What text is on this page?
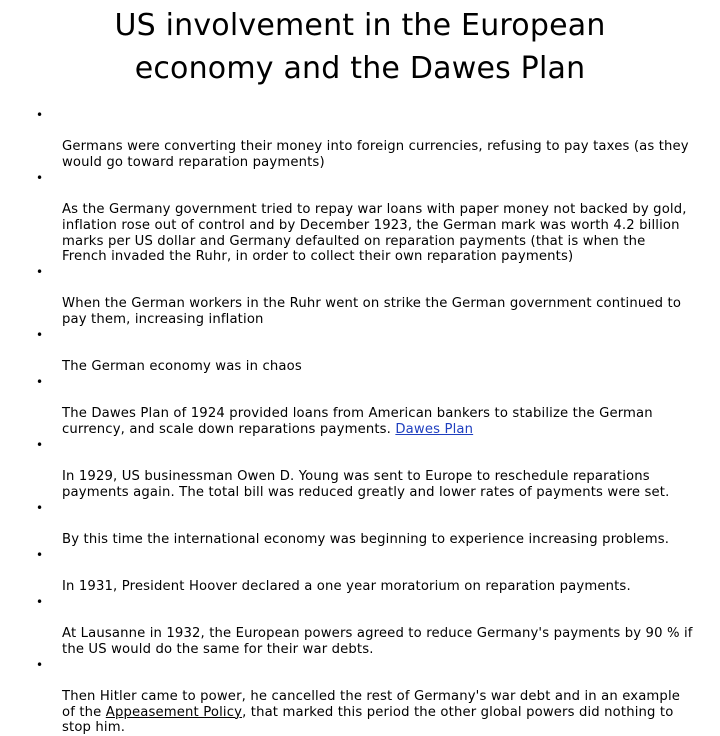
US involvement in the European
economy and the Dawes Plan

•

Germans were converting their money into foreign currencies, refusing to pay taxes (as they
would go toward reparation payments)

•

As the Germany government tried to repay war loans with paper money not backed by gold,
inflation rose out of control and by December 1923, the German mark was worth 4.2 billion
marks per US dollar and Germany defaulted on reparation payments (that is when the
French invaded the Ruhr, in order to collect their own reparation payments)

•

When the German workers in the Ruhr went on strike the German government continued to
pay them, increasing inflation

•

The German economy was in chaos

•

The Dawes Plan of 1924 provided loans from American bankers to stabilize the German
currency, and scale down reparations payments. Dawes Plan

•

In 1929, US businessman Owen D. Young was sent to Europe to reschedule reparations
payments again. The total bill was reduced greatly and lower rates of payments were set.

•

By this time the international economy was beginning to experience increasing problems.

•

In 1931, President Hoover declared a one year moratorium on reparation payments.

•

At Lausanne in 1932, the European powers agreed to reduce Germany's payments by 90 % if
the US would do the same for their war debts.

•

Then Hitler came to power, he cancelled the rest of Germany's war debt and in an example
of the Appeasement Policy, that marked this period the other global powers did nothing to
stop him.
